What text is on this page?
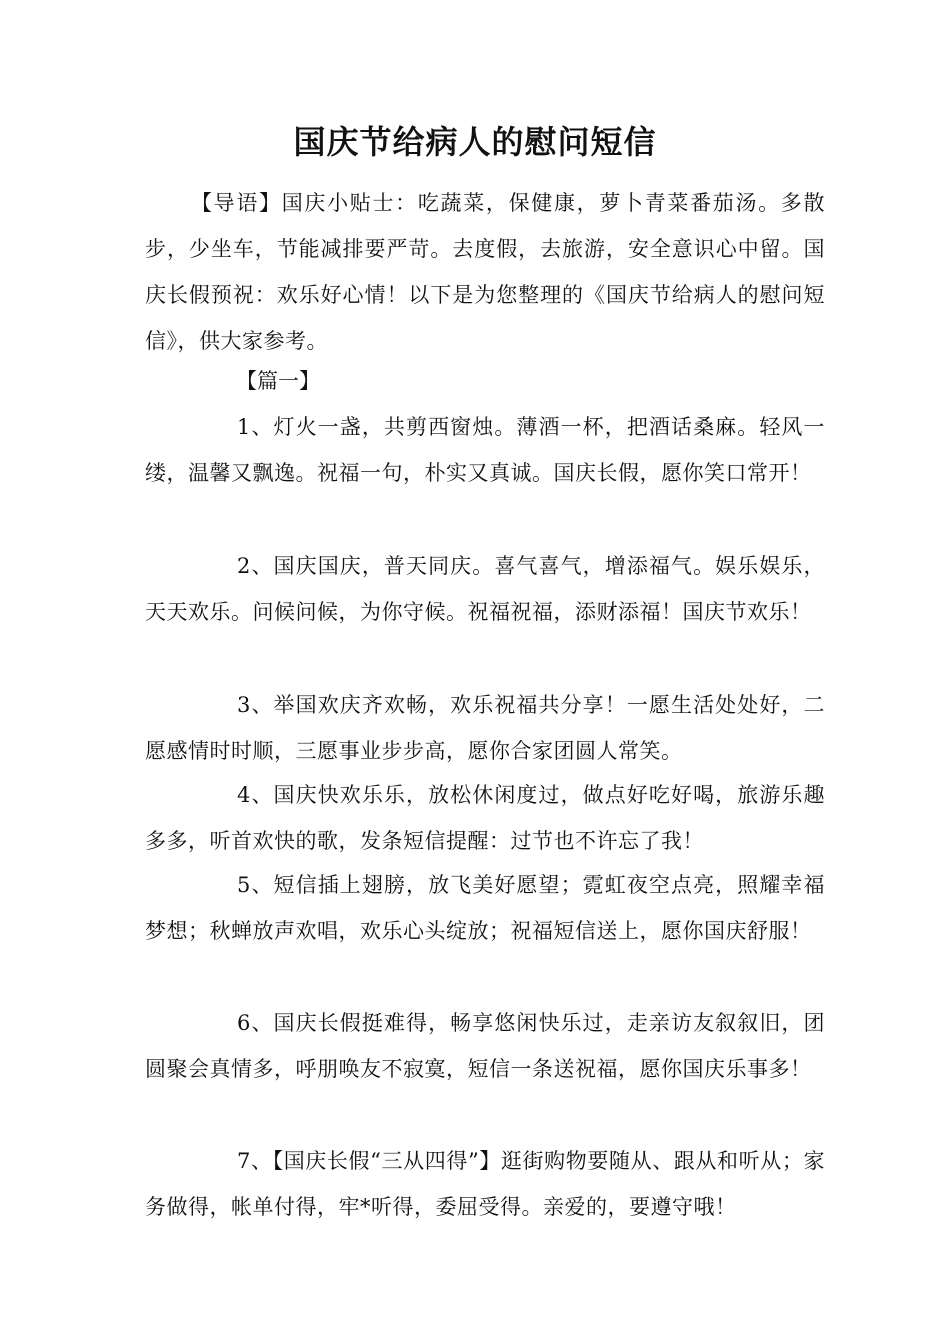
国庆节给病人的慰问短信
【导语】国庆小贴士：吃蔬菜，保健康，萝卜青菜番茄汤。多散步，少坐车，节能减排要严苛。去度假，去旅游，安全意识心中留。国庆长假预祝：欢乐好心情！以下是为您整理的《国庆节给病人的慰问短信》，供大家参考。
【篇一】
1、灯火一盏，共剪西窗烛。薄酒一杯，把酒话桑麻。轻风一缕，温馨又飘逸。祝福一句，朴实又真诚。国庆长假，愿你笑口常开！
2、国庆国庆，普天同庆。喜气喜气，增添福气。娱乐娱乐，天天欢乐。问候问候，为你守候。祝福祝福，添财添福！国庆节欢乐！
3、举国欢庆齐欢畅，欢乐祝福共分享！一愿生活处处好，二愿感情时时顺，三愿事业步步高，愿你合家团圆人常笑。
4、国庆快欢乐乐，放松休闲度过，做点好吃好喝，旅游乐趣多多，听首欢快的歌，发条短信提醒：过节也不许忘了我！
5、短信插上翅膀，放飞美好愿望；霓虹夜空点亮，照耀幸福梦想；秋蝉放声欢唱，欢乐心头绽放；祝福短信送上，愿你国庆舒服！
6、国庆长假挺难得，畅享悠闲快乐过，走亲访友叙叙旧，团圆聚会真情多，呼朋唤友不寂寞，短信一条送祝福，愿你国庆乐事多！
7、【国庆长假“三从四得”】逛街购物要随从、跟从和听从；家务做得，帐单付得，牢*听得，委屈受得。亲爱的，要遵守哦！
